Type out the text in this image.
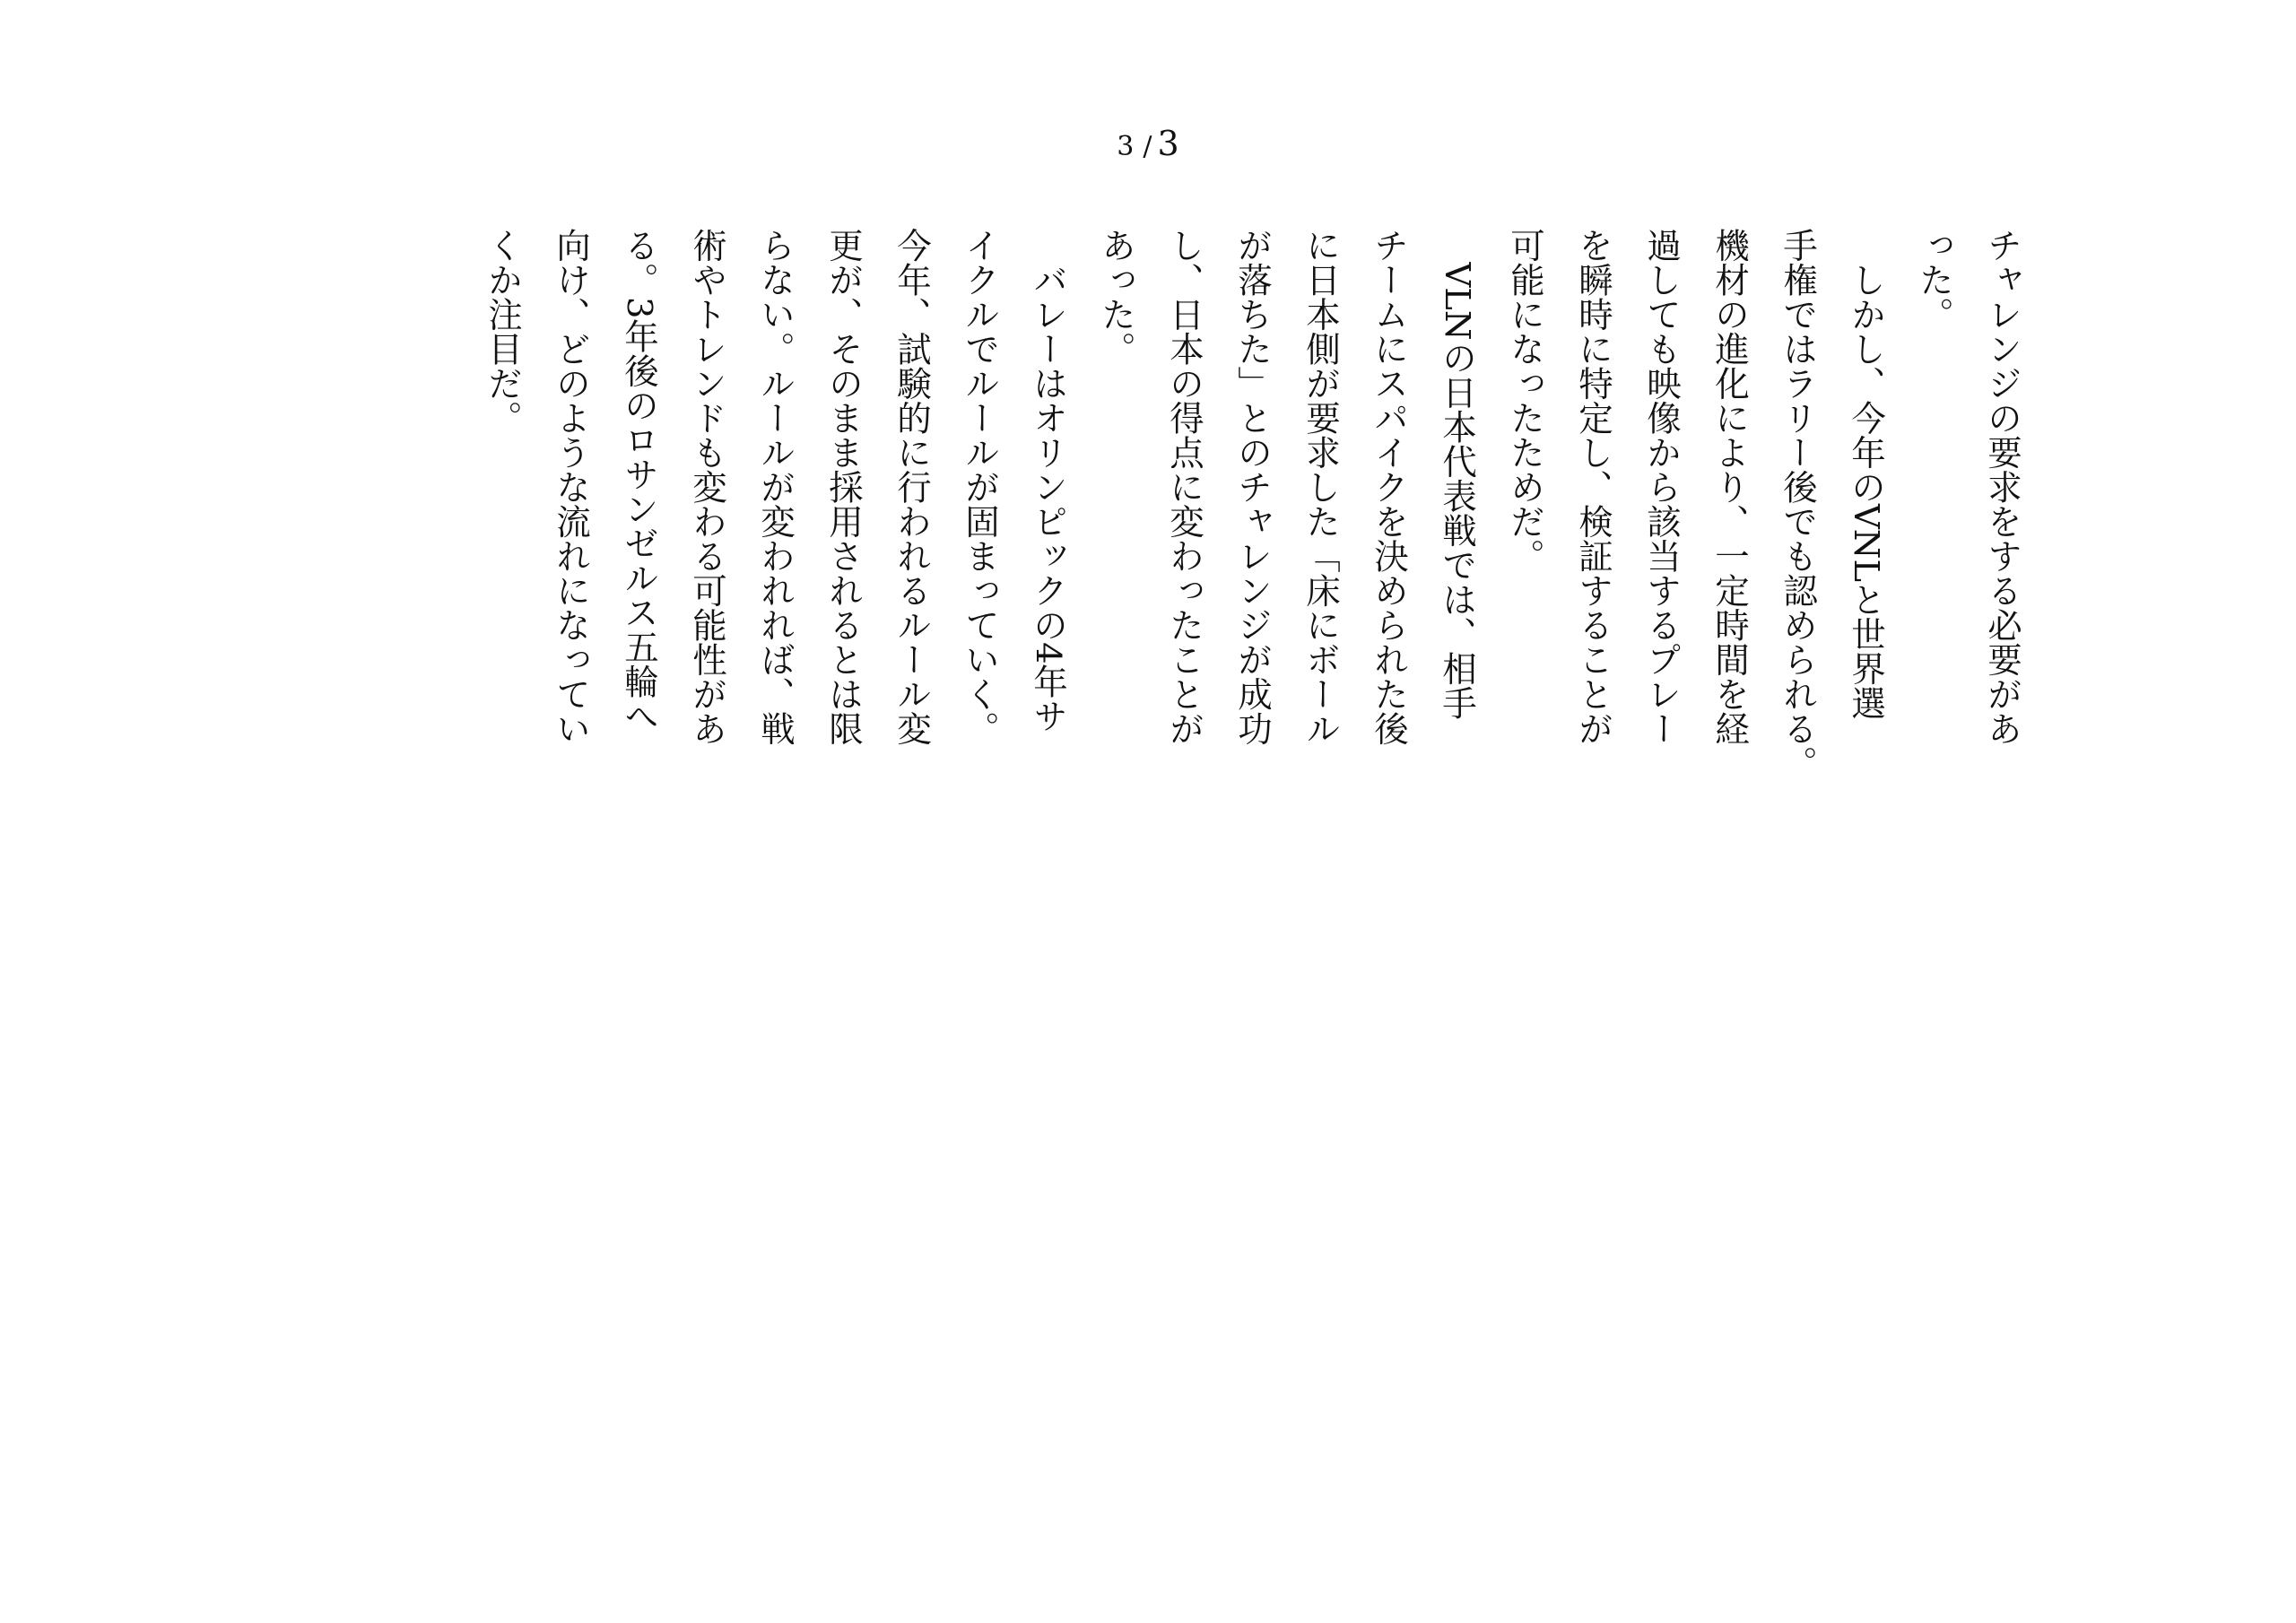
3 / 3
チャレンジの要求をする必要があ
った。
　しかし、今年のVNLと世界選
手権ではラリー後でも認められる。
機材の進化により、一定時間を経
過しても映像から該当するプレー
を瞬時に特定し、検証することが
可能になったためだ。
　VLNの日本代表戦では、相手
チームにスパイクを決められた後
に日本側が要求した「床にボール
が落ちた」とのチャレンジが成功
し、日本の得点に変わったことが
あった。
　バレーはオリンピックの4年サ
イクルでルールが固まっていく。
今年、試験的に行われるルール変
更が、そのまま採用されるとは限
らない。ルールが変われれば、戦
術やトレンドも変わる可能性があ
る。3年後のロサンゼルス五輪へ
向け、どのような流れになってい
くか注目だ。
